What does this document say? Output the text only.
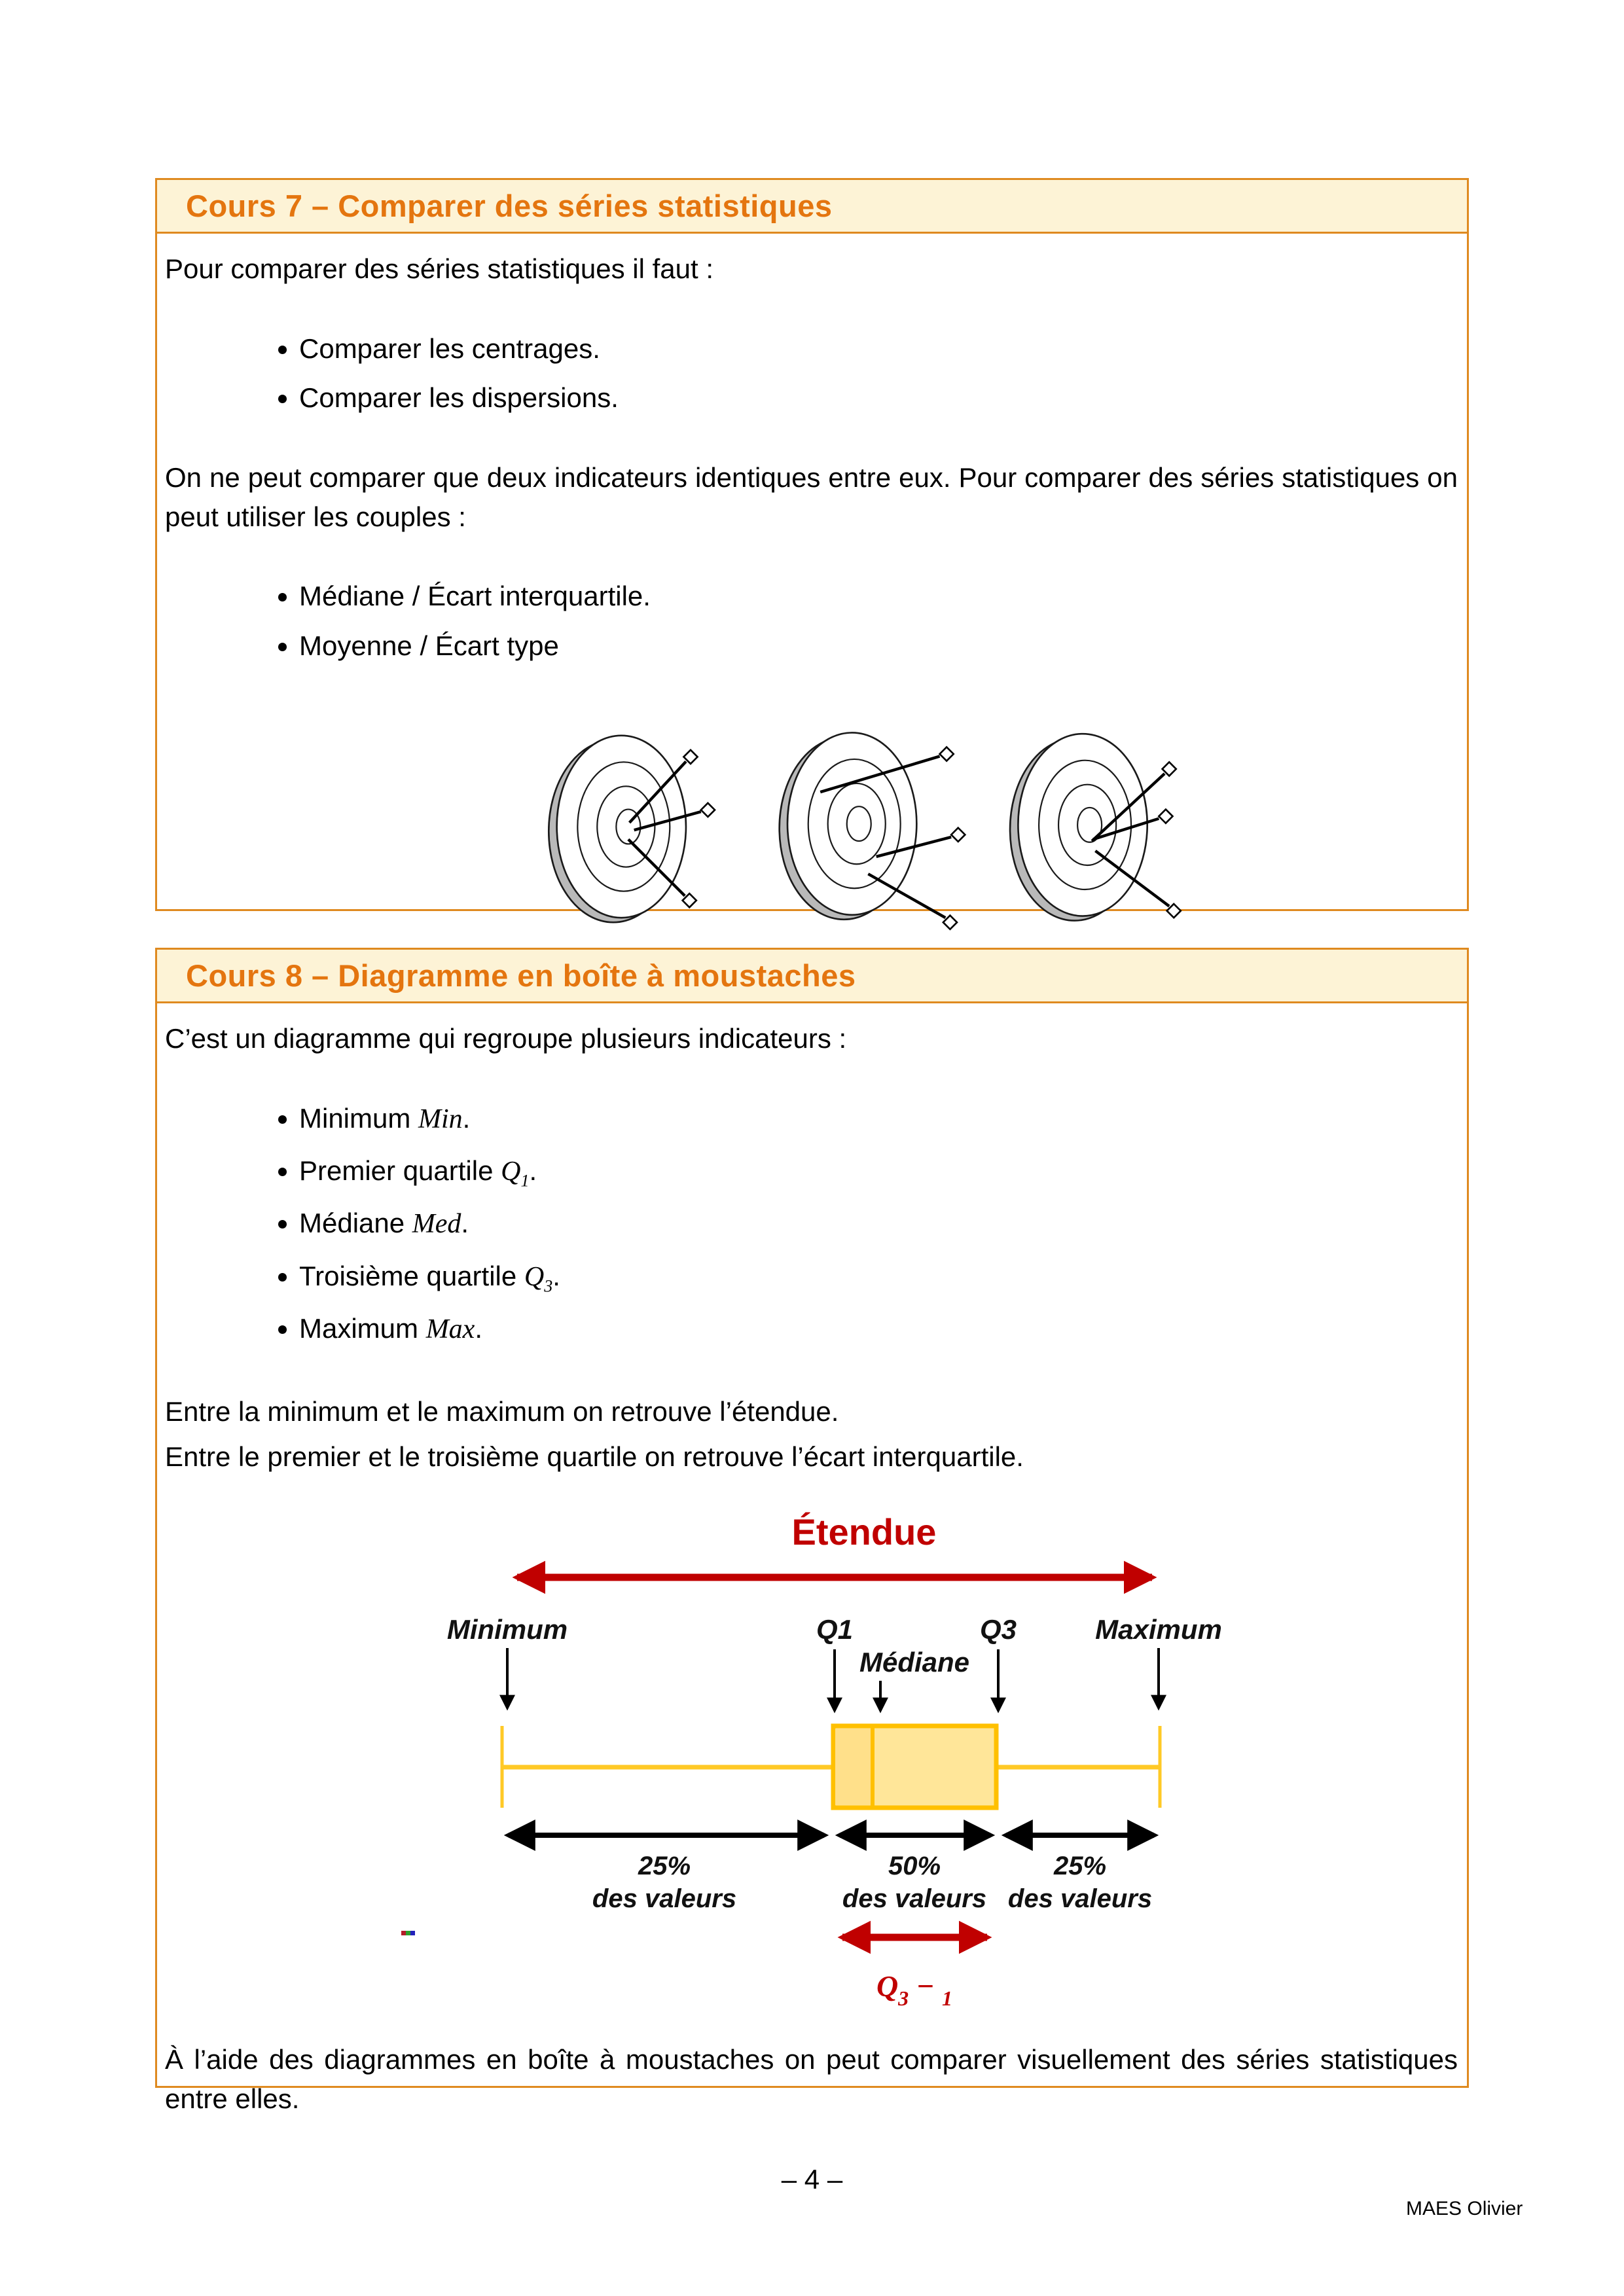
Cours 7 – Comparer des séries statistiques

Pour comparer des séries statistiques il faut :

• Comparer les centrages.
• Comparer les dispersions.

On ne peut comparer que deux indicateurs identiques entre eux. Pour comparer des séries statistiques on peut utiliser les couples :

• Médiane / Écart interquartile.
• Moyenne / Écart type
Cours 8 – Diagramme en boîte à moustaches

C’est un diagramme qui regroupe plusieurs indicateurs :

• Minimum Min.
• Premier quartile $Q_1$.
• Médiane Med.
• Troisième quartile $Q_3$.
• Maximum Max.

Entre la minimum et le maximum on retrouve l’étendue.

Entre le premier et le troisième quartile on retrouve l’écart interquartile.

Étendue
Minimum	Q1
Médiane
Q3	Maximum
25%
des valeurs
50%
des valeurs
25%
des valeurs
$Q_3 - _1$

À l’aide des diagrammes en boîte à moustaches on peut comparer visuellement des séries statistiques entre elles.

– 4 –
MAES Olivier
